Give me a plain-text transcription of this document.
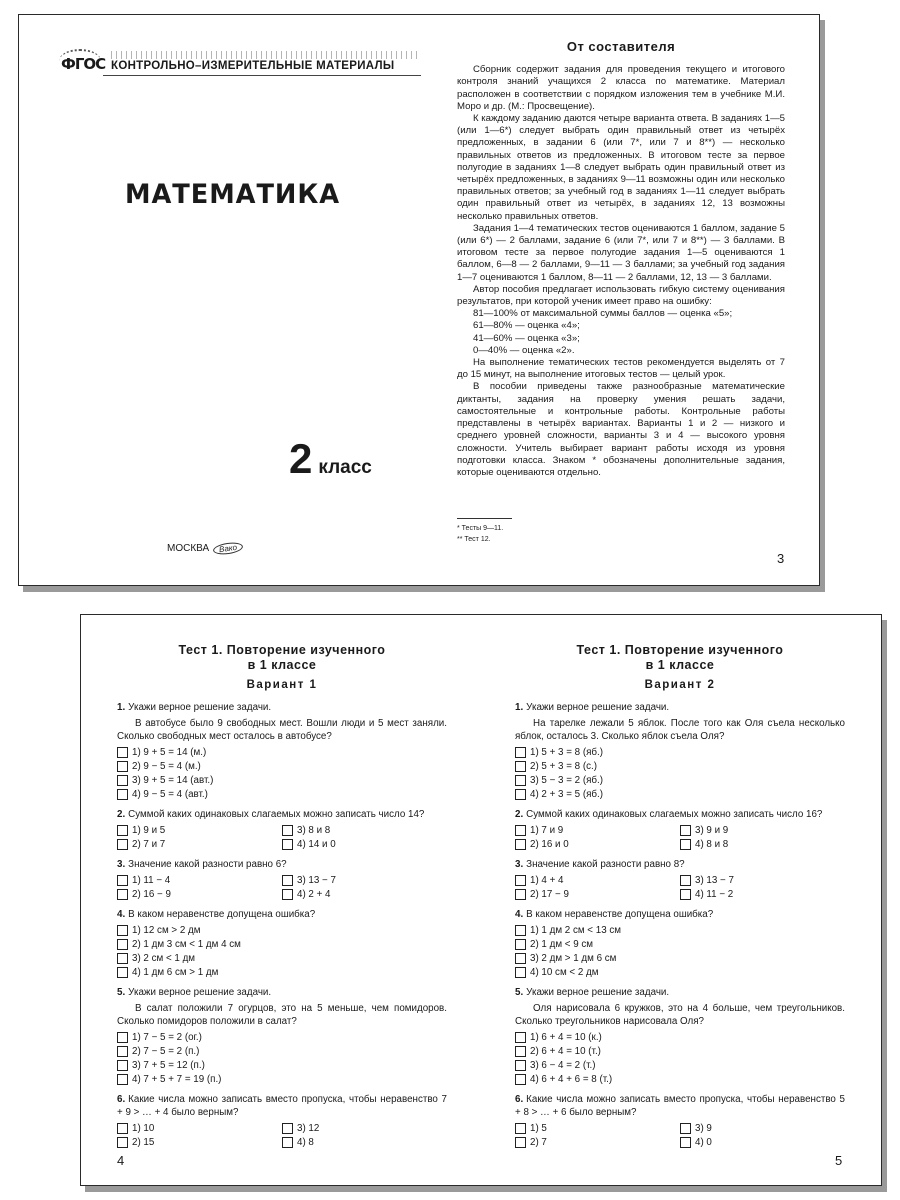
ФГОС КОНТРОЛЬНО–ИЗМЕРИТЕЛЬНЫЕ МАТЕРИАЛЫ
МАТЕМАТИКА
2 класс
МОСКВА	Вако
От составителя

Сборник содержит задания для проведения текущего и итогового контроля знаний учащихся 2 класса по математике. Материал расположен в соответствии с порядком изложения тем в учебнике М.И. Моро и др. (М.: Просвещение).

К каждому заданию даются четыре варианта ответа. В заданиях 1—5 (или 1—6*) следует выбрать один правильный ответ из четырёх предложенных, в задании 6 (или 7*, или 7 и 8**) — несколько правильных ответов из предложенных. В итоговом тесте за первое полугодие в заданиях 1—8 следует выбрать один правильный ответ из четырёх предложенных, в заданиях 9—11 возможны один или несколько правильных ответов; за учебный год в заданиях 1—11 следует выбрать один правильный ответ из четырёх, в заданиях 12, 13 возможны несколько правильных ответов.

Задания 1—4 тематических тестов оцениваются 1 баллом, задание 5 (или 6*) — 2 баллами, задание 6 (или 7*, или 7 и 8**) — 3 баллами. В итоговом тесте за первое полугодие задания 1—5 оцениваются 1 баллом, 6—8 — 2 баллами, 9—11 — 3 баллами; за учебный год задания 1—7 оцениваются 1 баллом, 8—11 — 2 баллами, 12, 13 — 3 баллами.

Автор пособия предлагает использовать гибкую систему оценивания результатов, при которой ученик имеет право на ошибку:

81—100% от максимальной суммы баллов — оценка «5»;

61—80% — оценка «4»;

41—60% — оценка «3»;

0—40% — оценка «2».

На выполнение тематических тестов рекомендуется выделять от 7 до 15 минут, на выполнение итоговых тестов — целый урок.

В пособии приведены также разнообразные математические диктанты, задания на проверку умения решать задачи, самостоятельные и контрольные работы. Контрольные работы представлены в четырёх вариантах. Варианты 1 и 2 — низкого и среднего уровней сложности, варианты 3 и 4 — высокого уровня сложности. Учитель выбирает вариант работы исходя из уровня подготовки класса. Знаком * обозначены дополнительные задания, которые оцениваются отдельно.

* Тесты 9—11.
** Тест 12.
3
Тест 1. Повторение изученного
в 1 классе
Вариант 1
1. Укажи верное решение задачи.
В автобусе было 9 свободных мест. Вошли люди и 5 мест заняли. Сколько свободных мест осталось в автобусе?
1) 9 + 5 = 14 (м.)
2) 9 − 5 = 4 (м.)
3) 9 + 5 = 14 (авт.)
4) 9 − 5 = 4 (авт.)
2. Суммой каких одинаковых слагаемых можно записать число 14?
1) 9 и 5	3) 8 и 8
2) 7 и 7	4) 14 и 0
3. Значение какой разности равно 6?
1) 11 − 4	3) 13 − 7
2) 16 − 9	4) 2 + 4
4. В каком неравенстве допущена ошибка?
1) 12 см > 2 дм
2) 1 дм 3 см < 1 дм 4 см
3) 2 см < 1 дм
4) 1 дм 6 см > 1 дм
5. Укажи верное решение задачи.
В салат положили 7 огурцов, это на 5 меньше, чем помидоров. Сколько помидоров положили в салат?
1) 7 − 5 = 2 (ог.)
2) 7 − 5 = 2 (п.)
3) 7 + 5 = 12 (п.)
4) 7 + 5 + 7 = 19 (п.)
6. Какие числа можно записать вместо пропуска, чтобы неравенство 7 + 9 > … + 4 было верным?
1) 10	3) 12
2) 15	4) 8
Тест 1. Повторение изученного
в 1 классе
Вариант 2
1. Укажи верное решение задачи.
На тарелке лежали 5 яблок. После того как Оля съела несколько яблок, осталось 3. Сколько яблок съела Оля?
1) 5 + 3 = 8 (яб.)
2) 5 + 3 = 8 (с.)
3) 5 − 3 = 2 (яб.)
4) 2 + 3 = 5 (яб.)
2. Суммой каких одинаковых слагаемых можно записать число 16?
1) 7 и 9	3) 9 и 9
2) 16 и 0	4) 8 и 8
3. Значение какой разности равно 8?
1) 4 + 4	3) 13 − 7
2) 17 − 9	4) 11 − 2
4. В каком неравенстве допущена ошибка?
1) 1 дм 2 см < 13 см
2) 1 дм < 9 см
3) 2 дм > 1 дм 6 см
4) 10 см < 2 дм
5. Укажи верное решение задачи.
Оля нарисовала 6 кружков, это на 4 больше, чем треугольников. Сколько треугольников нарисовала Оля?
1) 6 + 4 = 10 (к.)
2) 6 + 4 = 10 (т.)
3) 6 − 4 = 2 (т.)
4) 6 + 4 + 6 = 8 (т.)
6. Какие числа можно записать вместо пропуска, чтобы неравенство 5 + 8 > … + 6 было верным?
1) 5	3) 9
2) 7	4) 0
4	5
